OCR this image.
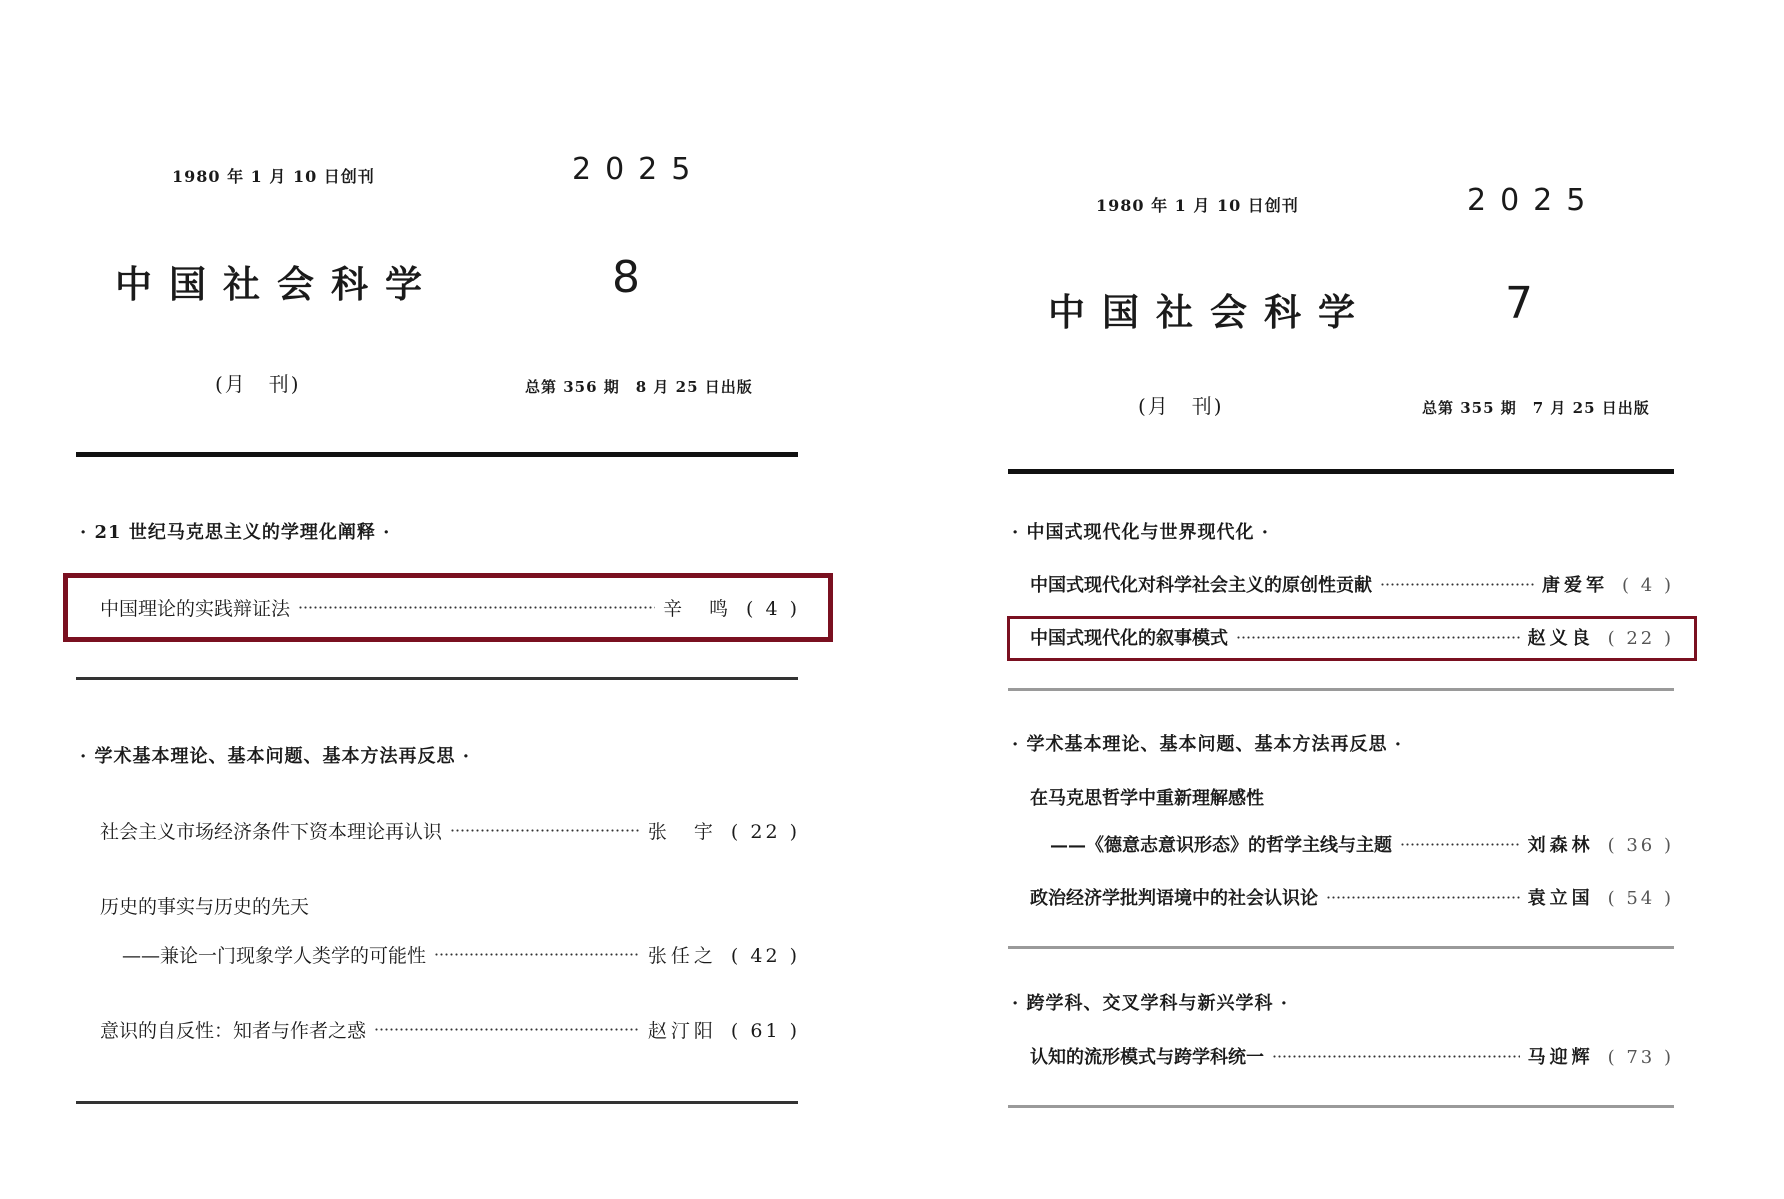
1980 年 1 月 10 日创刊	2025
中国社会科学	8
(月　刊)	总第 356 期　8 月 25 日出版
· 21 世纪马克思主义的学理化阐释 ·
中国理论的实践辩证法	辛　鸣 ( 4 )
· 学术基本理论、基本问题、基本方法再反思 ·
社会主义市场经济条件下资本理论再认识	张　宇 ( 22 )
历史的事实与历史的先天
——兼论一门现象学人类学的可能性	张任之 ( 42 )
意识的自反性：知者与作者之惑	赵汀阳 ( 61 )
1980 年 1 月 10 日创刊	2025
中国社会科学	7
(月　刊)	总第 355 期　7 月 25 日出版
· 中国式现代化与世界现代化 ·
中国式现代化对科学社会主义的原创性贡献	唐爱军 ( 4 )
中国式现代化的叙事模式	赵义良 ( 22 )
· 学术基本理论、基本问题、基本方法再反思 ·
在马克思哲学中重新理解感性
——《德意志意识形态》的哲学主线与主题	刘森林 ( 36 )
政治经济学批判语境中的社会认识论	袁立国 ( 54 )
· 跨学科、交叉学科与新兴学科 ·
认知的流形模式与跨学科统一	马迎辉 ( 73 )
